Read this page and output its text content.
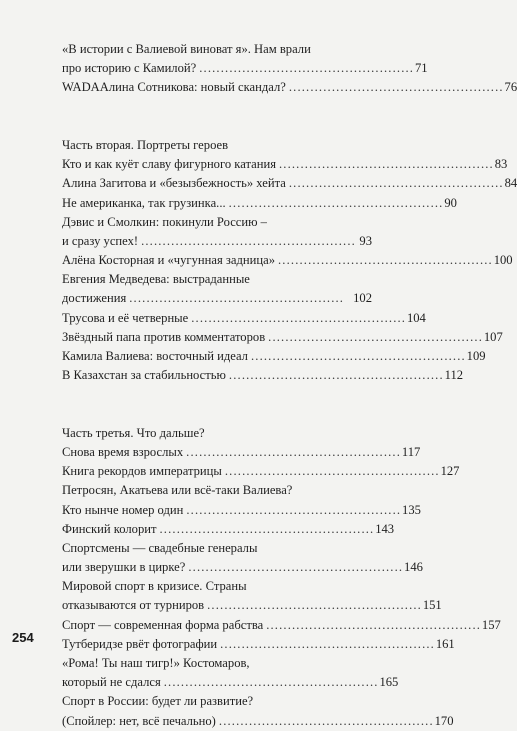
«В истории с Валиевой виноват я». Нам врали
про историю с Камилой? . . .	71
WADAАлина Сотникова: новый скандал? . . .	76
Часть вторая. Портреты героев
Кто и как куёт славу фигурного катания . . .	83
Алина Загитова и «безызбежность» хейта . . .	84
Не американка, так грузинка... . . .	90
Дэвис и Смолкин: покинули Россию –
и сразу успех! . . .	93
Алёна Косторная и «чугунная задница» . . .	100
Евгения Медведева: выстраданные
достижения . . .	102
Трусова и её четверные . . .	104
Звёздный папа против комментаторов . . .	107
Камила Валиева: восточный идеал . . .	109
В Казахстан за стабильностью . . .	112
Часть третья. Что дальше?
Снова время взрослых . . .	117
Книга рекордов императрицы . . .	127
Петросян, Акатьева или всё-таки Валиева?
Кто нынче номер один . . .	135
Финский колорит . . .	143
Спортсмены — свадебные генералы
или зверушки в цирке? . . .	146
Мировой спорт в кризисе. Страны
отказываются от турниров . . .	151
Спорт — современная форма рабства . . .	157
Тутберидзе рвёт фотографии . . .	161
«Рома! Ты наш тигр!» Костомаров,
который не сдался . . .	165
Спорт в России: будет ли развитие?
(Спойлер: нет, всё печально) . . .	170
254
